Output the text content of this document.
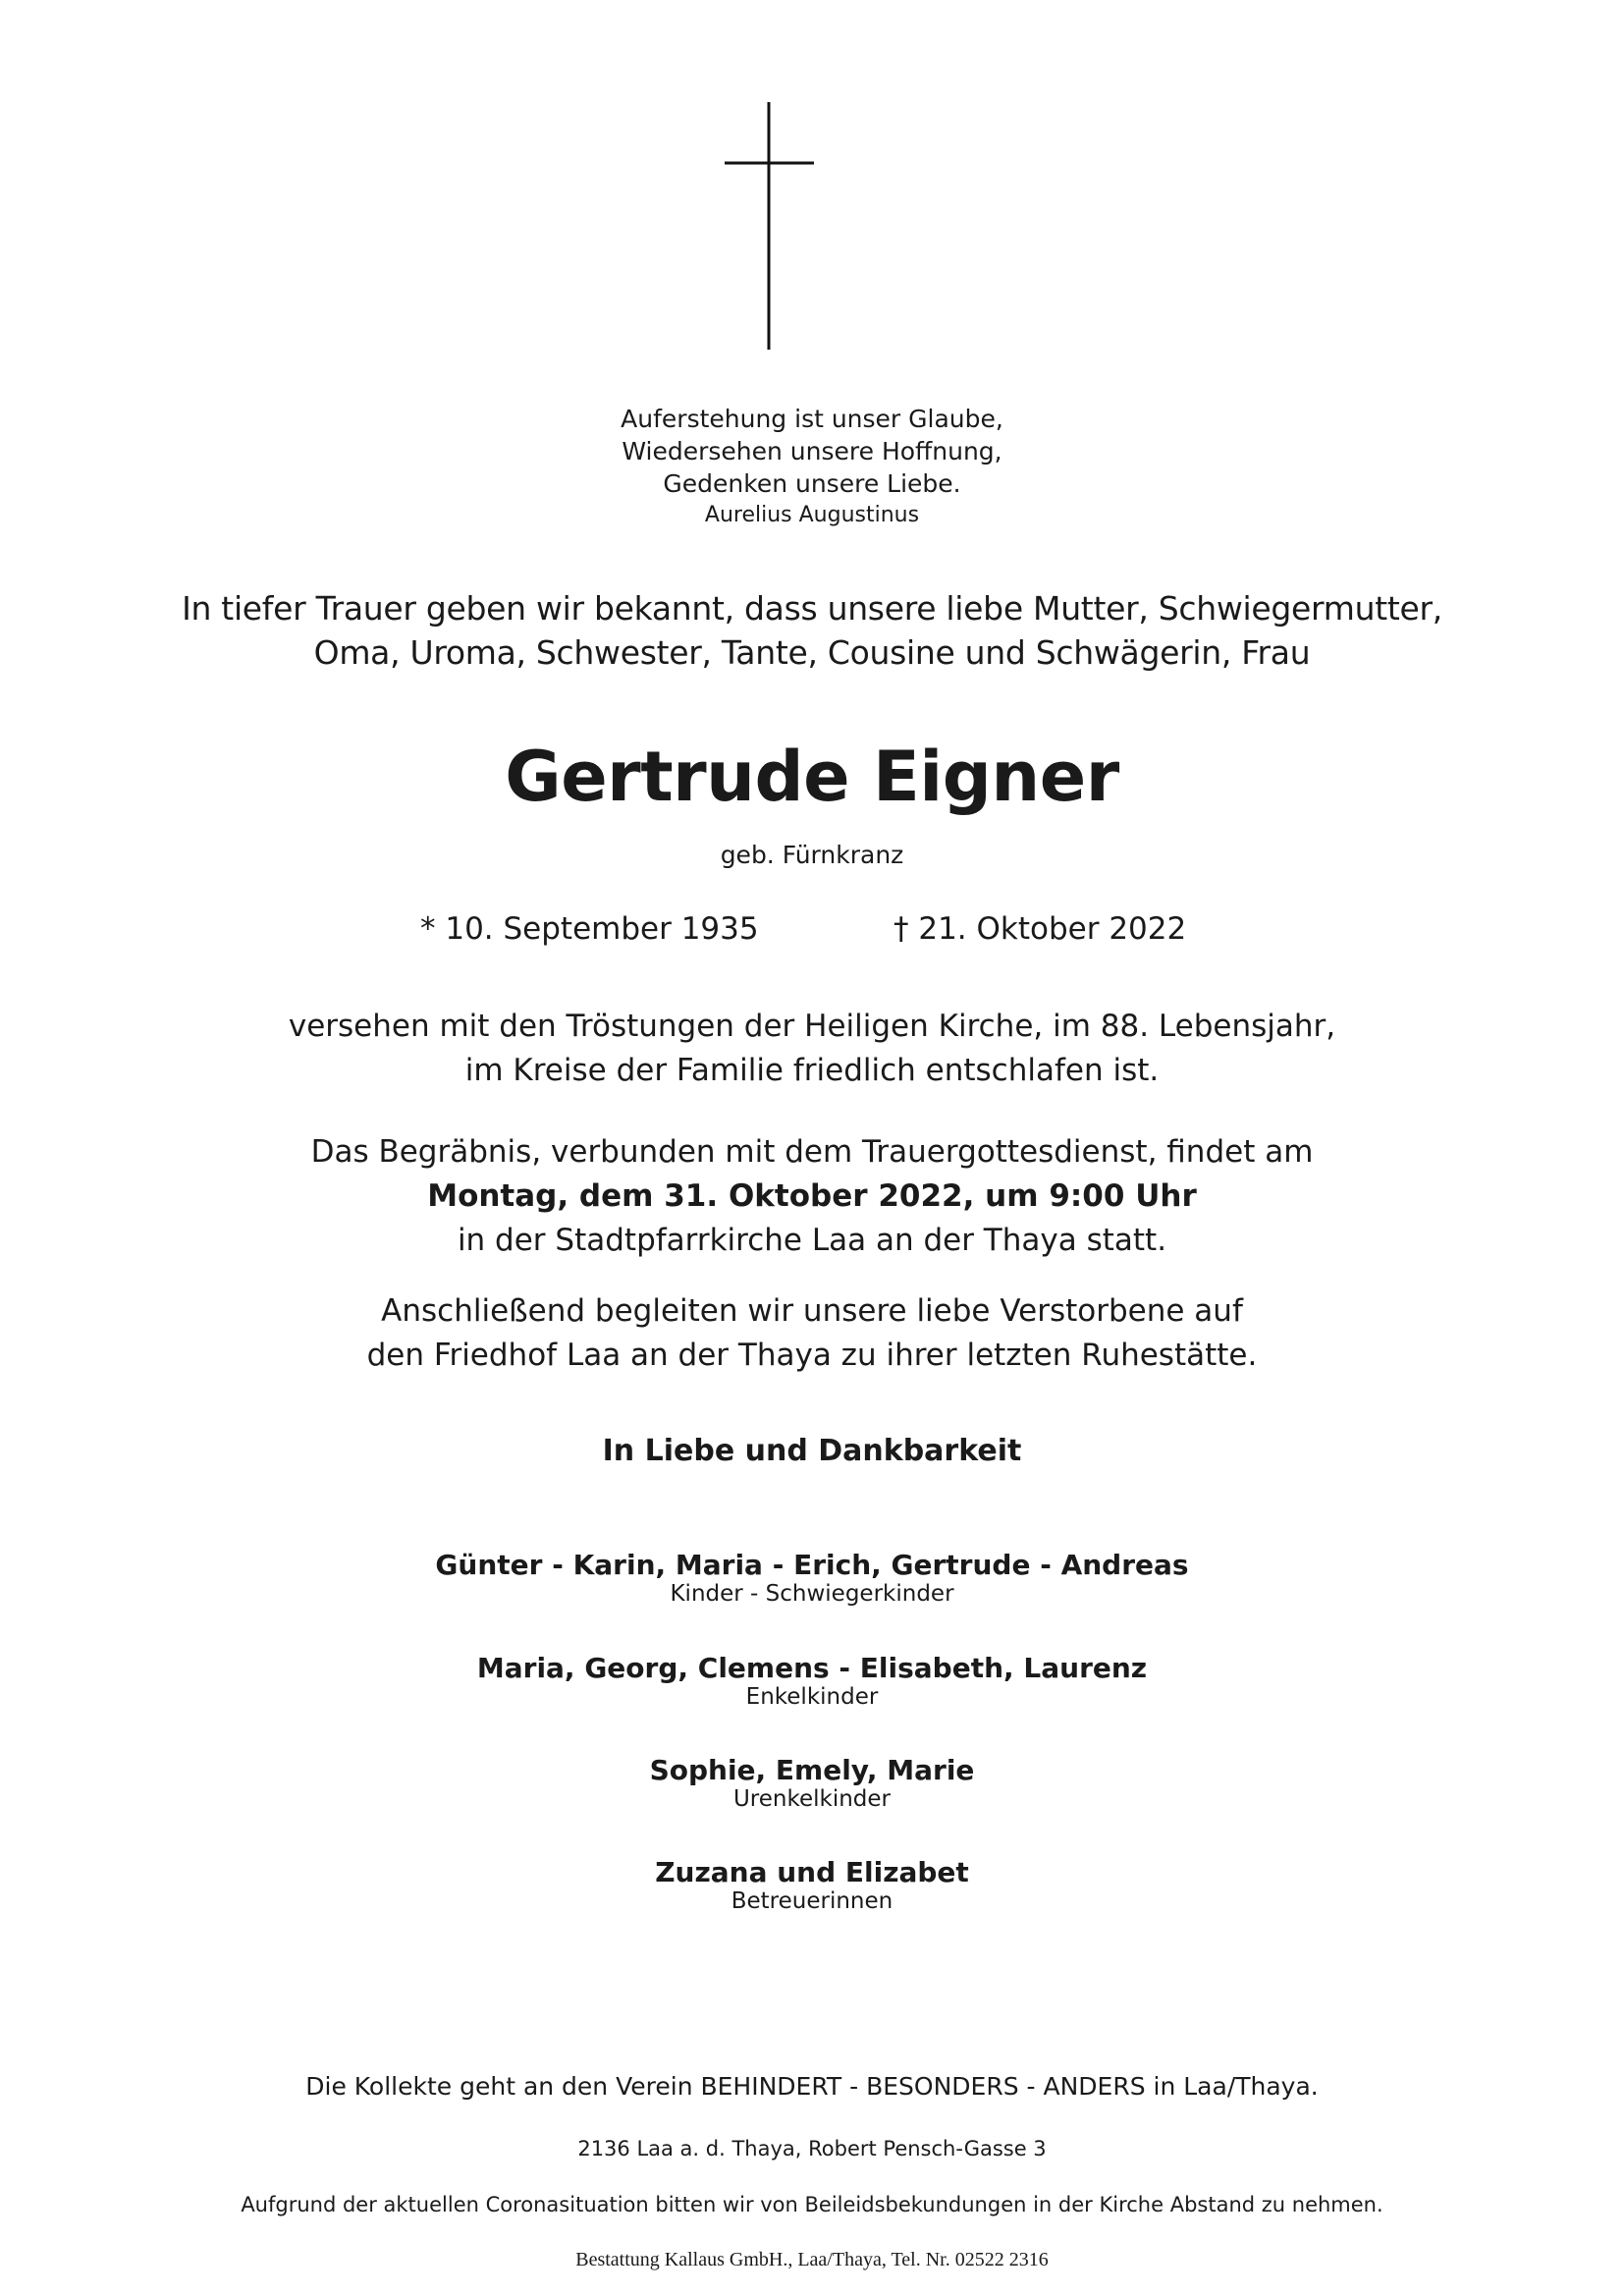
Auferstehung ist unser Glaube,
Wiedersehen unsere Hoffnung,
Gedenken unsere Liebe.
Aurelius Augustinus
In tiefer Trauer geben wir bekannt, dass unsere liebe Mutter, Schwiegermutter,
Oma, Uroma, Schwester, Tante, Cousine und Schwägerin, Frau
Gertrude Eigner
geb. Fürnkranz
* 10. September 1935	† 21. Oktober 2022
versehen mit den Tröstungen der Heiligen Kirche, im 88. Lebensjahr,
im Kreise der Familie friedlich entschlafen ist.
Das Begräbnis, verbunden mit dem Trauergottesdienst, findet am
Montag, dem 31. Oktober 2022, um 9:00 Uhr
in der Stadtpfarrkirche Laa an der Thaya statt.
Anschließend begleiten wir unsere liebe Verstorbene auf
den Friedhof Laa an der Thaya zu ihrer letzten Ruhestätte.
In Liebe und Dankbarkeit
Günter - Karin, Maria - Erich, Gertrude - Andreas
Kinder - Schwiegerkinder
Maria, Georg, Clemens - Elisabeth, Laurenz
Enkelkinder
Sophie, Emely, Marie
Urenkelkinder
Zuzana und Elizabet
Betreuerinnen
Die Kollekte geht an den Verein BEHINDERT - BESONDERS - ANDERS in Laa/Thaya.
2136 Laa a. d. Thaya, Robert Pensch-Gasse 3
Aufgrund der aktuellen Coronasituation bitten wir von Beileidsbekundungen in der Kirche Abstand zu nehmen.
Bestattung Kallaus GmbH., Laa/Thaya, Tel. Nr. 02522 2316
